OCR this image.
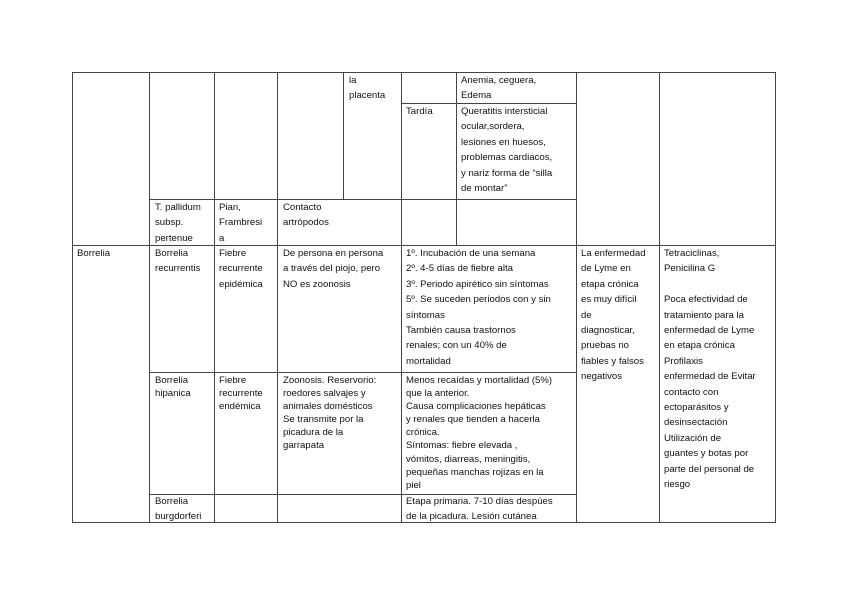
la
placenta
Anemia, ceguera,
Edema
Tardía	Queratitis intersticial
ocular,sordera,
lesiones en huesos,
problemas cardiacos,
y nariz forma de “silla
de montar”
T. pallidum
subsp.
pertenue
Pian,
Frambresi
a
Contacto
artrópodos
Borrelia	Borrelia
recurrentis
Fiebre
recurrente
epidémica
De persona en persona
a través del piojo, pero
NO es zoonosis
1º. Incubación de una semana
2º. 4-5 días de fiebre alta
3º. Periodo apirético sin síntomas
5º. Se suceden periodos con y sin
síntomas
También causa trastornos
renales; con un 40% de
mortalidad
La enfermedad
de Lyme en
etapa crónica
es muy difícil
de
diagnosticar,
pruebas no
fiables y falsos
negativos
Tetraciclinas,
Penicilina G

Poca efectividad de
tratamiento para la
enfermedad de Lyme
en etapa crónica
Profilaxis
enfermedad de Evitar
contacto con
ectoparásitos y
desinsectación
Utilización de
guantes y botas por
parte del personal de
riesgo
Borrelia
hipanica
Fiebre
recurrente
endémica
Zoonosis. Reservorio:
roedores salvajes y
animales domésticos
Se transmite por la
picadura de la
garrapata
Menos recaídas y mortalidad (5%)
que la anterior.
Causa complicaciones hepáticas
y renales que tienden a hacerla
crónica.
Síntomas: fiebre elevada ,
vómitos, diarreas, meningitis,
pequeñas manchas rojizas en la
piel
Borrelia
burgdorferi
Etapa primaria. 7-10 días despúes
de la picadura. Lesión cutánea
